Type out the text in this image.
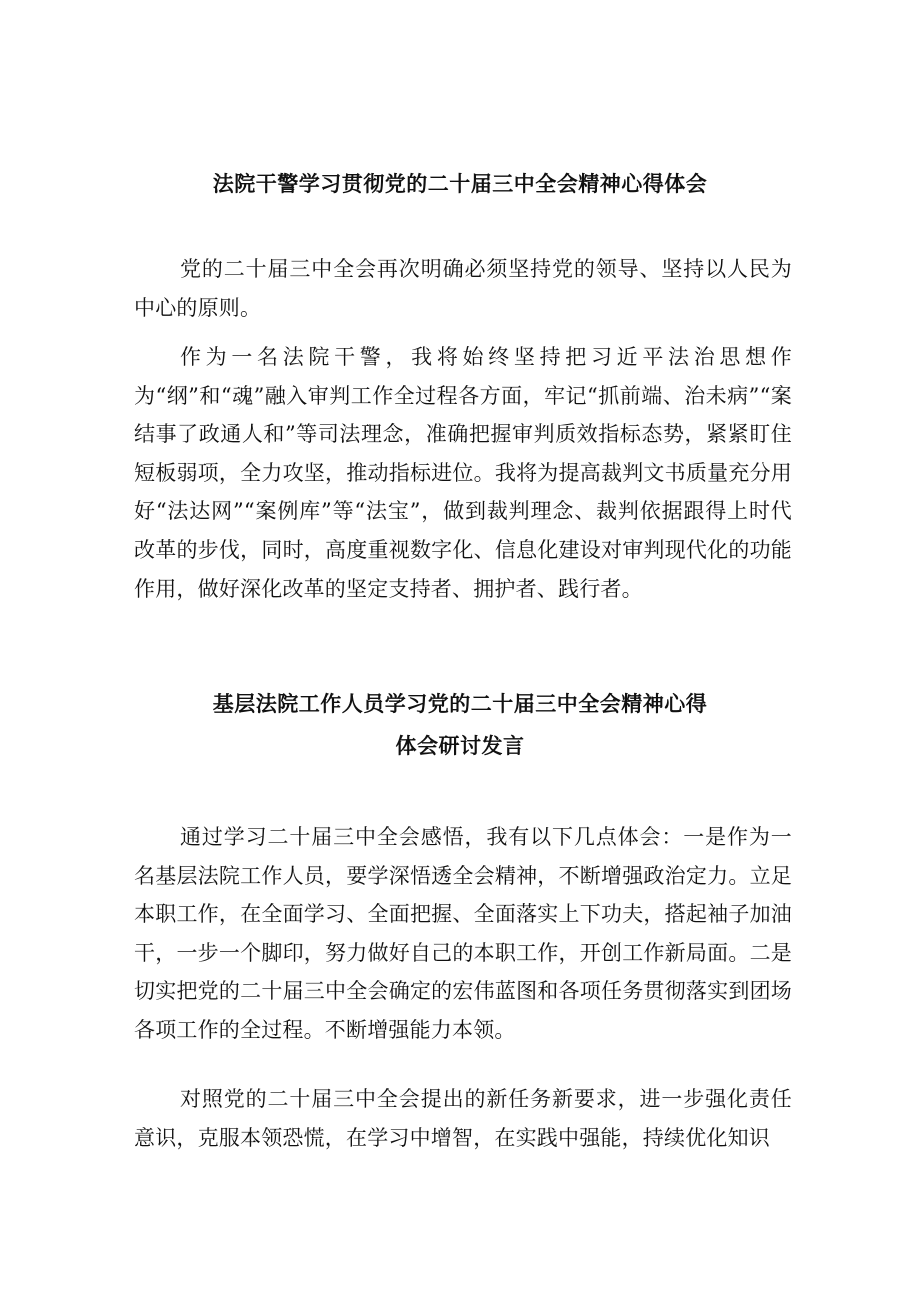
法院干警学习贯彻党的二十届三中全会精神心得体会

党的二十届三中全会再次明确必须坚持党的领导、坚持以人民为中心的原则。

作为一名法院干警，我将始终坚持把习近平法治思想作为“纲”和“魂”融入审判工作全过程各方面，牢记“抓前端、治未病”“案结事了政通人和”等司法理念，准确把握审判质效指标态势，紧紧盯住短板弱项，全力攻坚，推动指标进位。我将为提高裁判文书质量充分用好“法达网”“案例库”等“法宝”，做到裁判理念、裁判依据跟得上时代改革的步伐，同时，高度重视数字化、信息化建设对审判现代化的功能作用，做好深化改革的坚定支持者、拥护者、践行者。

基层法院工作人员学习党的二十届三中全会精神心得
体会研讨发言

通过学习二十届三中全会感悟，我有以下几点体会：一是作为一名基层法院工作人员，要学深悟透全会精神，不断增强政治定力。立足本职工作，在全面学习、全面把握、全面落实上下功夫，搭起袖子加油干，一步一个脚印，努力做好自己的本职工作，开创工作新局面。二是切实把党的二十届三中全会确定的宏伟蓝图和各项任务贯彻落实到团场各项工作的全过程。不断增强能力本领。

对照党的二十届三中全会提出的新任务新要求，进一步强化责任意识，克服本领恐慌，在学习中增智，在实践中强能，持续优化知识
